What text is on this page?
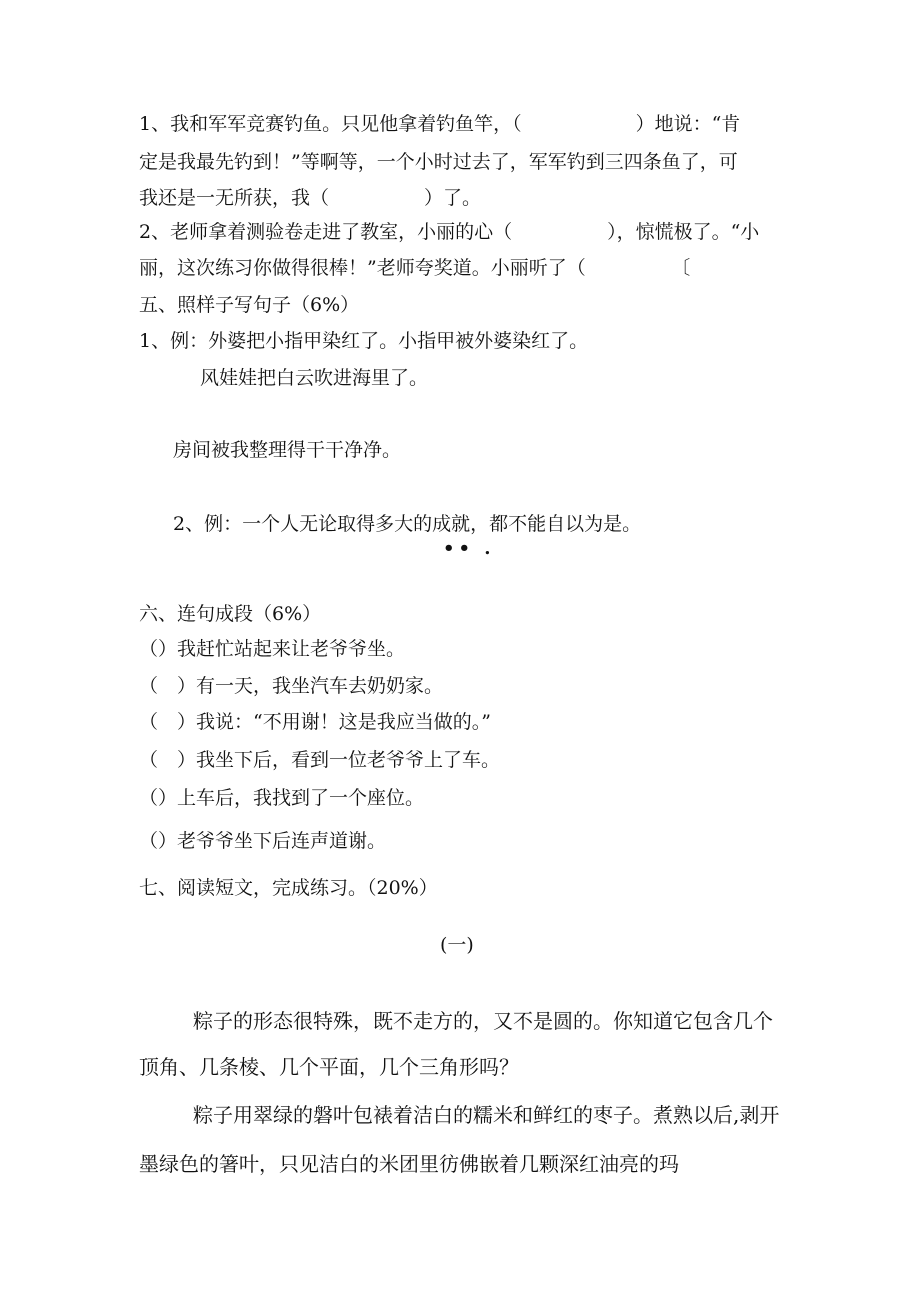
1、我和军军竞赛钓鱼。只见他拿着钓鱼竿，（　　　　　　）地说：“肯
定是我最先钓到！”等啊等，一个小时过去了，军军钓到三四条鱼了，可
我还是一无所获，我（　　　　　）了。
2、老师拿着测验卷走进了教室，小丽的心（　　　　　），惊慌极了。“小
丽，这次练习你做得很棒！”老师夸奖道。小丽听了（　　　　　〔
五、照样子写句子（6%）
1、例：外婆把小指甲染红了。小指甲被外婆染红了。
风娃娃把白云吹进海里了。
房间被我整理得干干净净。
2、例：一个人无论取得多大的成就，都不能自以为是。
•• .
六、连句成段（6%）
（）我赶忙站起来让老爷爷坐。
（　）有一天，我坐汽车去奶奶家。
（　）我说：“不用谢！这是我应当做的。”
（　）我坐下后，看到一位老爷爷上了车。
（）上车后，我找到了一个座位。
（）老爷爷坐下后连声道谢。
七、阅读短文，完成练习。（20%）
(一)
粽子的形态很特殊，既不走方的，又不是圆的。你知道它包含几个
顶角、几条棱、几个平面，几个三角形吗？
粽子用翠绿的磐叶包裱着洁白的糯米和鲜红的枣子。煮熟以后,剥开
墨绿色的箸叶，只见洁白的米团里彷佛嵌着几颗深红油亮的玛
